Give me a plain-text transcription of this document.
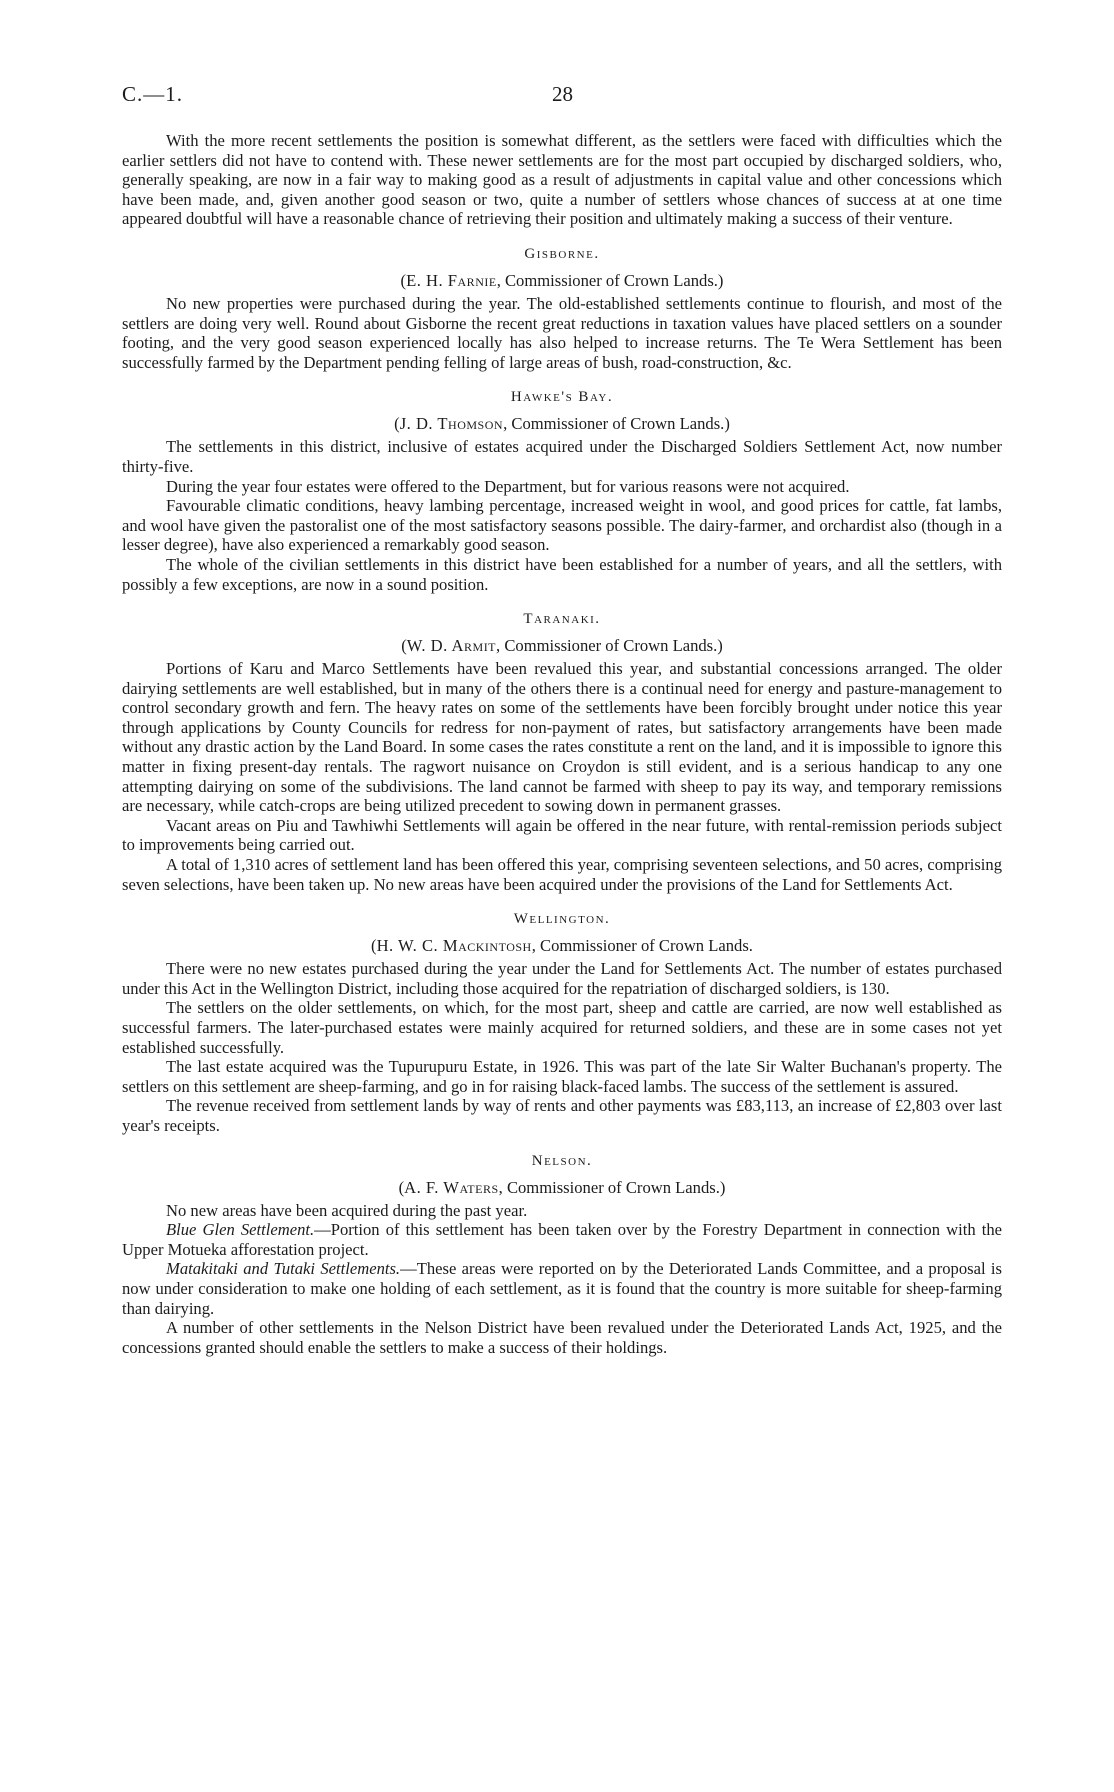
C.—1.	28

With the more recent settlements the position is somewhat different, as the settlers were faced with difficulties which the earlier settlers did not have to contend with. These newer settlements are for the most part occupied by discharged soldiers, who, generally speaking, are now in a fair way to making good as a result of adjustments in capital value and other concessions which have been made, and, given another good season or two, quite a number of settlers whose chances of success at at one time appeared doubtful will have a reasonable chance of retrieving their position and ultimately making a success of their venture.

Gisborne.
(E. H. Farnie, Commissioner of Crown Lands.)

No new properties were purchased during the year. The old-established settlements continue to flourish, and most of the settlers are doing very well. Round about Gisborne the recent great reductions in taxation values have placed settlers on a sounder footing, and the very good season experienced locally has also helped to increase returns. The Te Wera Settlement has been successfully farmed by the Department pending felling of large areas of bush, road-construction, &c.

Hawke's Bay.
(J. D. Thomson, Commissioner of Crown Lands.)

The settlements in this district, inclusive of estates acquired under the Discharged Soldiers Settlement Act, now number thirty-five.

During the year four estates were offered to the Department, but for various reasons were not acquired.

Favourable climatic conditions, heavy lambing percentage, increased weight in wool, and good prices for cattle, fat lambs, and wool have given the pastoralist one of the most satisfactory seasons possible. The dairy-farmer, and orchardist also (though in a lesser degree), have also experienced a remarkably good season.

The whole of the civilian settlements in this district have been established for a number of years, and all the settlers, with possibly a few exceptions, are now in a sound position.

Taranaki.
(W. D. Armit, Commissioner of Crown Lands.)

Portions of Karu and Marco Settlements have been revalued this year, and substantial concessions arranged. The older dairying settlements are well established, but in many of the others there is a continual need for energy and pasture-management to control secondary growth and fern. The heavy rates on some of the settlements have been forcibly brought under notice this year through applications by County Councils for redress for non-payment of rates, but satisfactory arrangements have been made without any drastic action by the Land Board. In some cases the rates constitute a rent on the land, and it is impossible to ignore this matter in fixing present-day rentals. The ragwort nuisance on Croydon is still evident, and is a serious handicap to any one attempting dairying on some of the subdivisions. The land cannot be farmed with sheep to pay its way, and temporary remissions are necessary, while catch-crops are being utilized precedent to sowing down in permanent grasses.

Vacant areas on Piu and Tawhiwhi Settlements will again be offered in the near future, with rental-remission periods subject to improvements being carried out.

A total of 1,310 acres of settlement land has been offered this year, comprising seventeen selections, and 50 acres, comprising seven selections, have been taken up. No new areas have been acquired under the provisions of the Land for Settlements Act.

Wellington.
(H. W. C. Mackintosh, Commissioner of Crown Lands.

There were no new estates purchased during the year under the Land for Settlements Act. The number of estates purchased under this Act in the Wellington District, including those acquired for the repatriation of discharged soldiers, is 130.

The settlers on the older settlements, on which, for the most part, sheep and cattle are carried, are now well established as successful farmers. The later-purchased estates were mainly acquired for returned soldiers, and these are in some cases not yet established successfully.

The last estate acquired was the Tupurupuru Estate, in 1926. This was part of the late Sir Walter Buchanan's property. The settlers on this settlement are sheep-farming, and go in for raising black-faced lambs. The success of the settlement is assured.

The revenue received from settlement lands by way of rents and other payments was £83,113, an increase of £2,803 over last year's receipts.

Nelson.
(A. F. Waters, Commissioner of Crown Lands.)

No new areas have been acquired during the past year.

Blue Glen Settlement.—Portion of this settlement has been taken over by the Forestry Department in connection with the Upper Motueka afforestation project.

Matakitaki and Tutaki Settlements.—These areas were reported on by the Deteriorated Lands Committee, and a proposal is now under consideration to make one holding of each settlement, as it is found that the country is more suitable for sheep-farming than dairying.

A number of other settlements in the Nelson District have been revalued under the Deteriorated Lands Act, 1925, and the concessions granted should enable the settlers to make a success of their holdings.
